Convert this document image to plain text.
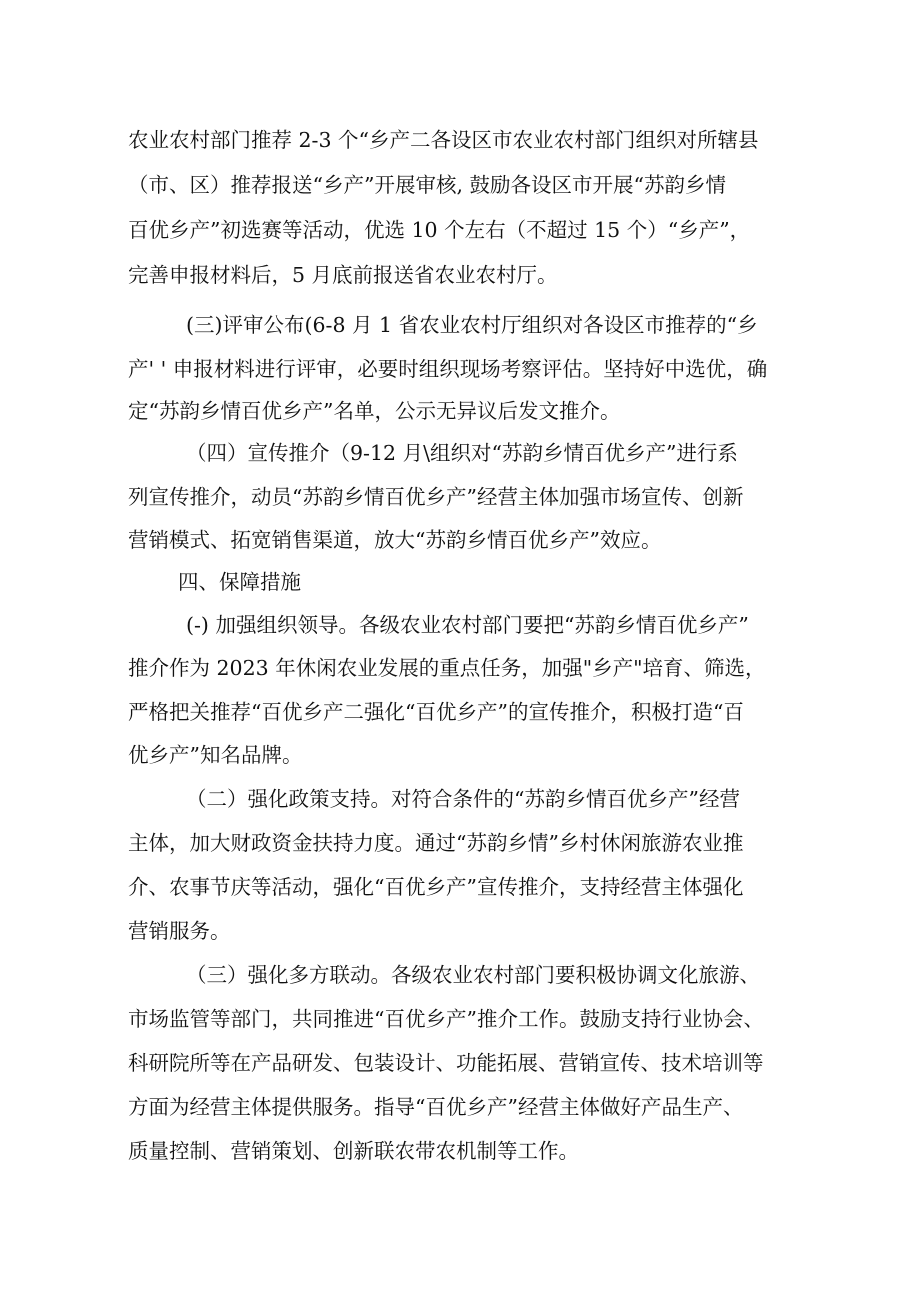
农业农村部门推荐 2-3 个“乡产二各设区市农业农村部门组织对所辖县
（市、区）推荐报送“乡产”开展审核, 鼓励各设区市开展“苏韵乡情
百优乡产”初选赛等活动，优选 10 个左右（不超过 15 个）“乡产”，
完善申报材料后，5 月底前报送省农业农村厅。
(三)评审公布(6-8 月 1 省农业农村厅组织对各设区市推荐的“乡
产' ' 申报材料进行评审，必要时组织现场考察评估。坚持好中选优，确
定“苏韵乡情百优乡产”名单，公示无异议后发文推介。
（四）宣传推介（9-12 月\组织对“苏韵乡情百优乡产”进行系
列宣传推介，动员“苏韵乡情百优乡产”经营主体加强市场宣传、创新
营销模式、拓宽销售渠道，放大“苏韵乡情百优乡产”效应。
四、保障措施
(-) 加强组织领导。各级农业农村部门要把“苏韵乡情百优乡产”
推介作为 2023 年休闲农业发展的重点任务，加强"乡产"培育、筛选，
严格把关推荐“百优乡产二强化“百优乡产”的宣传推介，积极打造“百
优乡产”知名品牌。
（二）强化政策支持。对符合条件的“苏韵乡情百优乡产”经营
主体，加大财政资金扶持力度。通过“苏韵乡情”乡村休闲旅游农业推
介、农事节庆等活动，强化“百优乡产”宣传推介，支持经营主体强化
营销服务。
（三）强化多方联动。各级农业农村部门要积极协调文化旅游、
市场监管等部门，共同推进“百优乡产”推介工作。鼓励支持行业协会、
科研院所等在产品研发、包装设计、功能拓展、营销宣传、技术培训等
方面为经营主体提供服务。指导“百优乡产”经营主体做好产品生产、
质量控制、营销策划、创新联农带农机制等工作。
